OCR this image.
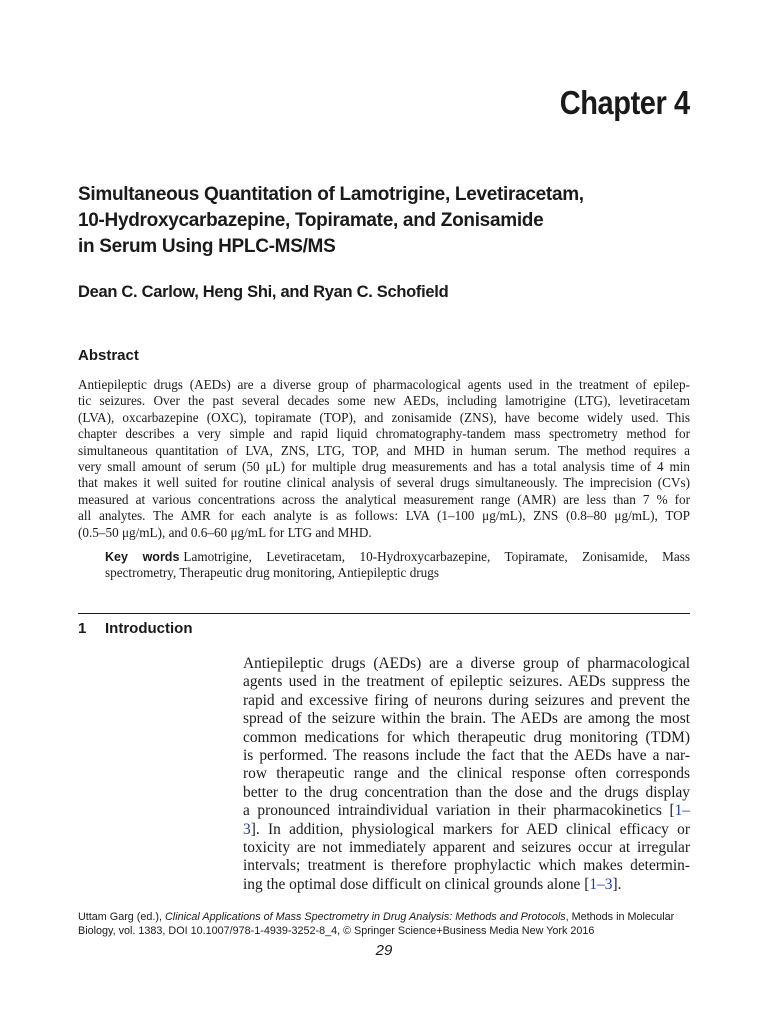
Chapter 4
Simultaneous Quantitation of Lamotrigine, Levetiracetam,
10-Hydroxycarbazepine, Topiramate, and Zonisamide
in Serum Using HPLC-MS/MS
Dean C. Carlow, Heng Shi, and Ryan C. Schofield
Abstract
Antiepileptic drugs (AEDs) are a diverse group of pharmacological agents used in the treatment of epilep-
tic seizures. Over the past several decades some new AEDs, including lamotrigine (LTG), levetiracetam
(LVA), oxcarbazepine (OXC), topiramate (TOP), and zonisamide (ZNS), have become widely used. This
chapter describes a very simple and rapid liquid chromatography-tandem mass spectrometry method for
simultaneous quantitation of LVA, ZNS, LTG, TOP, and MHD in human serum. The method requires a
very small amount of serum (50 μL) for multiple drug measurements and has a total analysis time of 4 min
that makes it well suited for routine clinical analysis of several drugs simultaneously. The imprecision (CVs)
measured at various concentrations across the analytical measurement range (AMR) are less than 7 % for
all analytes. The AMR for each analyte is as follows: LVA (1–100 μg/mL), ZNS (0.8–80 μg/mL), TOP
(0.5–50 μg/mL), and 0.6–60 μg/mL for LTG and MHD.
Key words Lamotrigine, Levetiracetam, 10-Hydroxycarbazepine, Topiramate, Zonisamide, Mass
spectrometry, Therapeutic drug monitoring, Antiepileptic drugs
1 Introduction
Antiepileptic drugs (AEDs) are a diverse group of pharmacological
agents used in the treatment of epileptic seizures. AEDs suppress the
rapid and excessive firing of neurons during seizures and prevent the
spread of the seizure within the brain. The AEDs are among the most
common medications for which therapeutic drug monitoring (TDM)
is performed. The reasons include the fact that the AEDs have a nar-
row therapeutic range and the clinical response often corresponds
better to the drug concentration than the dose and the drugs display
a pronounced intraindividual variation in their pharmacokinetics [1–
3]. In addition, physiological markers for AED clinical efficacy or
toxicity are not immediately apparent and seizures occur at irregular
intervals; treatment is therefore prophylactic which makes determin-
ing the optimal dose difficult on clinical grounds alone [1–3].
Uttam Garg (ed.), Clinical Applications of Mass Spectrometry in Drug Analysis: Methods and Protocols, Methods in Molecular
Biology, vol. 1383, DOI 10.1007/978-1-4939-3252-8_4, © Springer Science+Business Media New York 2016
29
